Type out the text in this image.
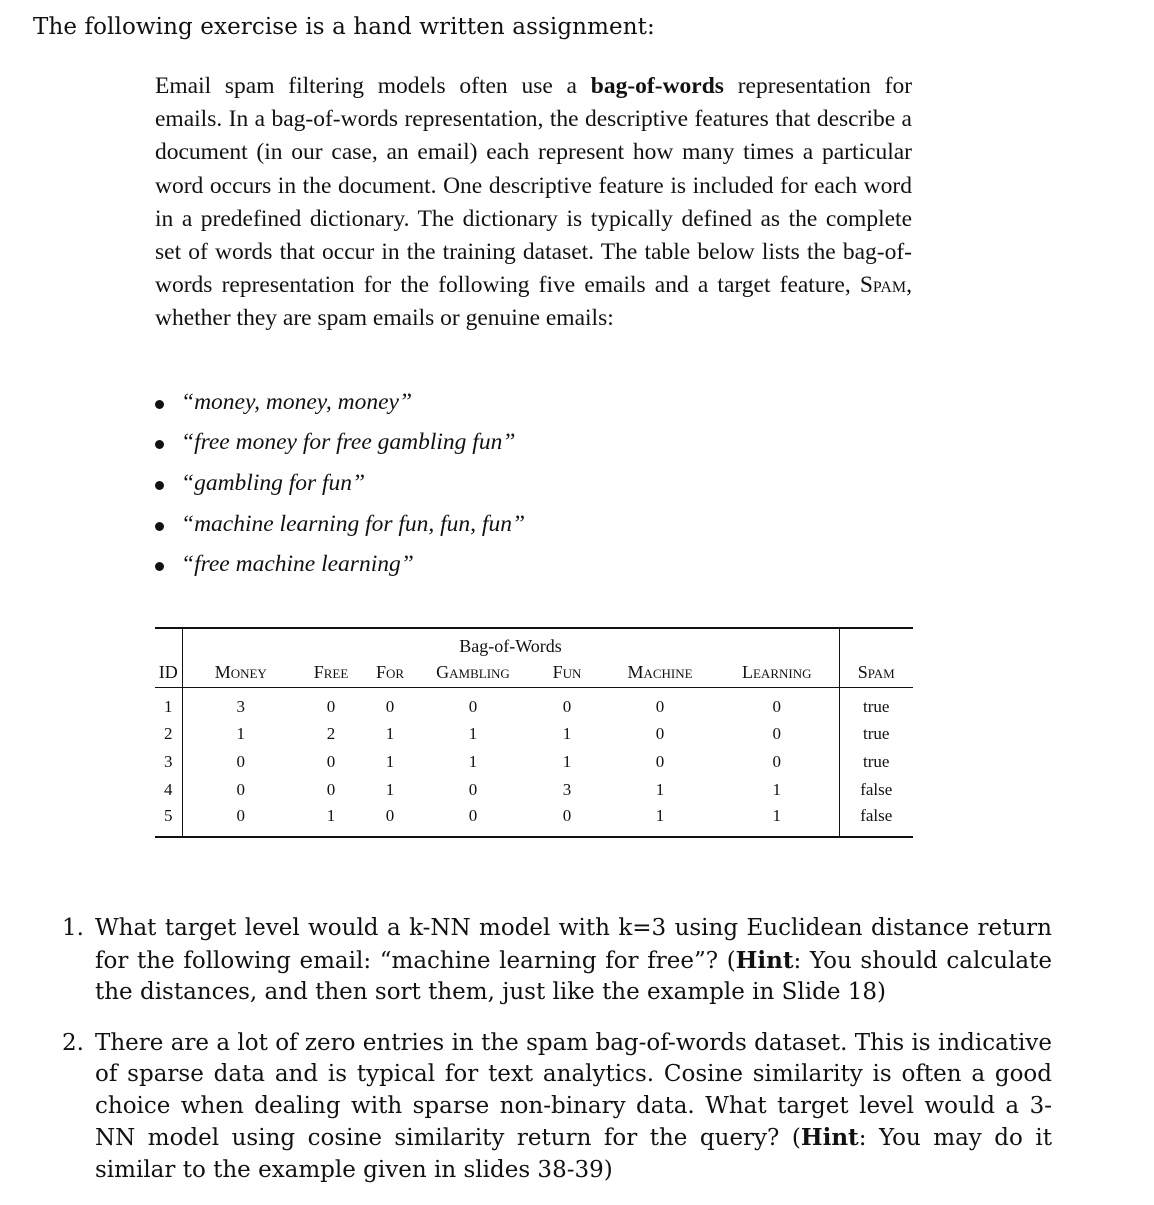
The following exercise is a hand written assignment:

Email spam filtering models often use a bag-of-words representation for emails. In a bag-of-words representation, the descriptive features that describe a document (in our case, an email) each represent how many times a particular word occurs in the document. One descriptive feature is included for each word in a predefined dictionary. The dictionary is typically defined as the complete set of words that occur in the training dataset. The table below lists the bag-of-words representation for the following five emails and a target feature, Spam, whether they are spam emails or genuine emails:

“money, money, money”
“free money for free gambling fun”
“gambling for fun”
“machine learning for fun, fun, fun”
“free machine learning”
	Bag-of-Words							
ID	Money	Free	For	Gambling	Fun	Machine	Learning	Spam
1	3	0	0	0	0	0	0	true
2	1	2	1	1	1	0	0	true
3	0	0	1	1	1	0	0	true
4	0	0	1	0	3	1	1	false
5	0	1	0	0	0	1	1	false
1. What target level would a k-NN model with k=3 using Euclidean distance return for the following email: “machine learning for free”? (Hint: You should calculate the distances, and then sort them, just like the example in Slide 18)
2. There are a lot of zero entries in the spam bag-of-words dataset. This is indicative of sparse data and is typical for text analytics. Cosine similarity is often a good choice when dealing with sparse non-binary data. What target level would a 3-NN model using cosine similarity return for the query? (Hint: You may do it similar to the example given in slides 38-39)
